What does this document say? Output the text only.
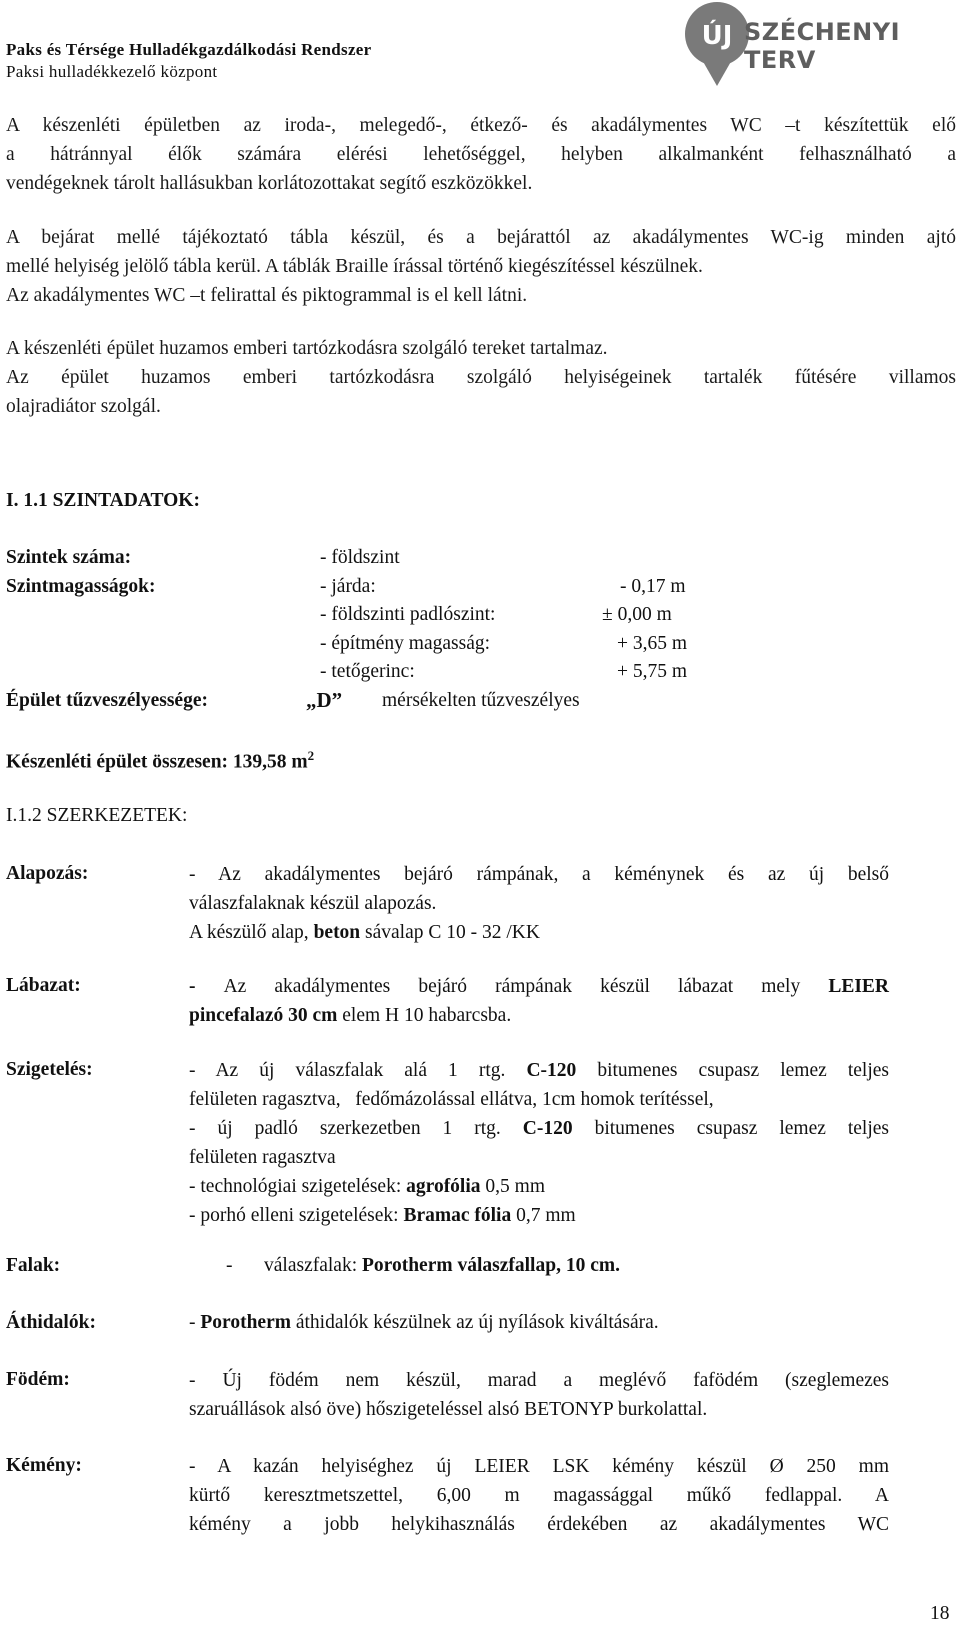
Paks és Térsége Hulladékgazdálkodási Rendszer
Paksi hulladékkezelő központ
ÚJ SZÉCHENYI TERV
A készenléti épületben az iroda-, melegedő-, étkező- és akadálymentes WC –t készítettük elő
a hátránnyal élők számára elérési lehetőséggel, helyben alkalmanként felhasználható a
vendégeknek tárolt hallásukban korlátozottakat segítő eszközökkel.
A bejárat mellé tájékoztató tábla készül, és a bejárattól az akadálymentes WC-ig minden ajtó
mellé helyiség jelölő tábla kerül. A táblák Braille írással történő kiegészítéssel készülnek.
Az akadálymentes WC –t felirattal és piktogrammal is el kell látni.
A készenléti épület huzamos emberi tartózkodásra szolgáló tereket tartalmaz.
Az épület huzamos emberi tartózkodásra szolgáló helyiségeinek tartalék fűtésére villamos
olajradiátor szolgál.
I. 1.1 SZINTADATOK:
Szintek száma:	- földszint
Szintmagasságok:	- járda:	- 0,17 m
- földszinti padlószint:	± 0,00 m
- építmény magasság:	+ 3,65 m
- tetőgerinc:	+ 5,75 m
Épület tűzveszélyessége:	„D” mérsékelten tűzveszélyes
Készenléti épület összesen: 139,58 $m^2$
I.1.2 SZERKEZETEK:
Alapozás:	- Az akadálymentes bejáró rámpának, a kéménynek és az új belső
válaszfalaknak készül alapozás.
A készülő alap, beton sávalap C 10 - 32 /KK
Lábazat:	- Az akadálymentes bejáró rámpának készül lábazat mely LEIER
pincefalazó 30 cm elem H 10 habarcsba.
Szigetelés:	- Az új válaszfalak alá 1 rtg. C-120 bitumenes csupasz lemez teljes
felületen ragasztva,   fedőmázolással ellátva, 1cm homok terítéssel,
- új padló szerkezetben 1 rtg. C-120 bitumenes csupasz lemez teljes
felületen ragasztva
- technológiai szigetelések: agrofólia 0,5 mm
- porhó elleni szigetelések: Bramac fólia 0,7 mm
Falak:	- válaszfalak: Porotherm válaszfallap, 10 cm.
Áthidalók:	- Porotherm áthidalók készülnek az új nyílások kiváltására.
Födém:	- Új födém nem készül, marad a meglévő fafödém (szeglemezes
szaruállások alsó öve) hőszigeteléssel alsó BETONYP burkolattal.
Kémény:	- A kazán helyiséghez új LEIER LSK kémény készül Ø 250 mm
kürtő keresztmetszettel, 6,00 m magassággal műkő fedlappal. A
kémény a jobb helykihasználás érdekében az akadálymentes WC
18
